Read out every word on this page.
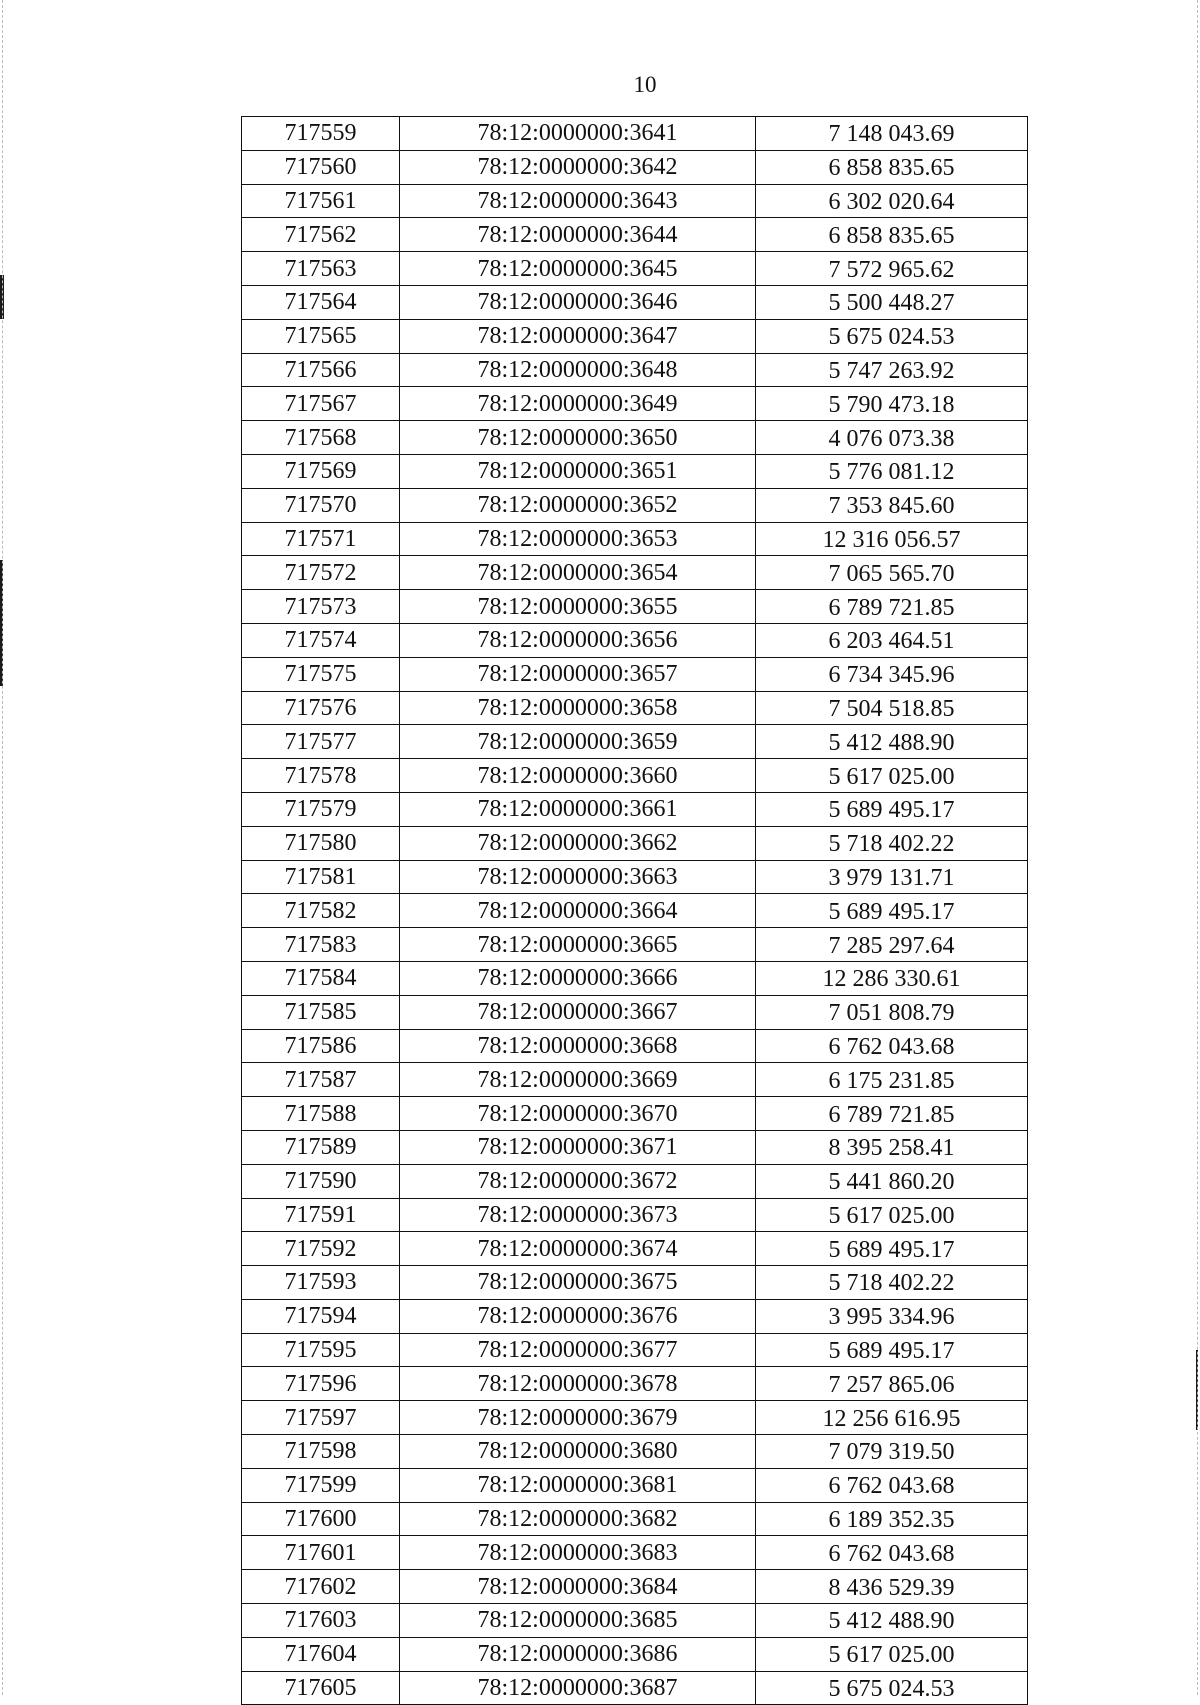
10
717559	78:12:0000000:3641	7 148 043.69
717560	78:12:0000000:3642	6 858 835.65
717561	78:12:0000000:3643	6 302 020.64
717562	78:12:0000000:3644	6 858 835.65
717563	78:12:0000000:3645	7 572 965.62
717564	78:12:0000000:3646	5 500 448.27
717565	78:12:0000000:3647	5 675 024.53
717566	78:12:0000000:3648	5 747 263.92
717567	78:12:0000000:3649	5 790 473.18
717568	78:12:0000000:3650	4 076 073.38
717569	78:12:0000000:3651	5 776 081.12
717570	78:12:0000000:3652	7 353 845.60
717571	78:12:0000000:3653	12 316 056.57
717572	78:12:0000000:3654	7 065 565.70
717573	78:12:0000000:3655	6 789 721.85
717574	78:12:0000000:3656	6 203 464.51
717575	78:12:0000000:3657	6 734 345.96
717576	78:12:0000000:3658	7 504 518.85
717577	78:12:0000000:3659	5 412 488.90
717578	78:12:0000000:3660	5 617 025.00
717579	78:12:0000000:3661	5 689 495.17
717580	78:12:0000000:3662	5 718 402.22
717581	78:12:0000000:3663	3 979 131.71
717582	78:12:0000000:3664	5 689 495.17
717583	78:12:0000000:3665	7 285 297.64
717584	78:12:0000000:3666	12 286 330.61
717585	78:12:0000000:3667	7 051 808.79
717586	78:12:0000000:3668	6 762 043.68
717587	78:12:0000000:3669	6 175 231.85
717588	78:12:0000000:3670	6 789 721.85
717589	78:12:0000000:3671	8 395 258.41
717590	78:12:0000000:3672	5 441 860.20
717591	78:12:0000000:3673	5 617 025.00
717592	78:12:0000000:3674	5 689 495.17
717593	78:12:0000000:3675	5 718 402.22
717594	78:12:0000000:3676	3 995 334.96
717595	78:12:0000000:3677	5 689 495.17
717596	78:12:0000000:3678	7 257 865.06
717597	78:12:0000000:3679	12 256 616.95
717598	78:12:0000000:3680	7 079 319.50
717599	78:12:0000000:3681	6 762 043.68
717600	78:12:0000000:3682	6 189 352.35
717601	78:12:0000000:3683	6 762 043.68
717602	78:12:0000000:3684	8 436 529.39
717603	78:12:0000000:3685	5 412 488.90
717604	78:12:0000000:3686	5 617 025.00
717605	78:12:0000000:3687	5 675 024.53
